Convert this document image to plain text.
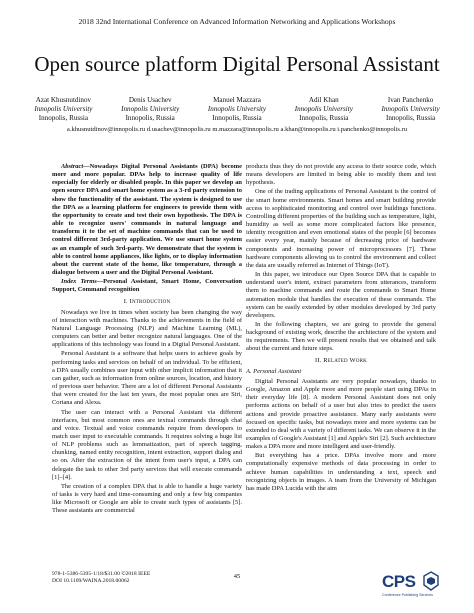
2018 32nd International Conference on Advanced Information Networking and Applications Workshops
Open source platform Digital Personal Assistant
Azat Khusnutdinov
Innopolis University
Innopolis, Russia
Denis Usachev
Innopolis University
Innopolis, Russia
Manuel Mazzara
Innopolis University
Innopolis, Russia
Adil Khan
Innopolis University
Innopolis, Russia
Ivan Panchenko
Innopolis University
Innopolis, Russia
a.khusnutdinov@innopolis.ru d.usachev@innopolis.ru m.mazzara@innopolis.ru a.khan@innopolis.ru i.panchenko@innopolis.ru

Abstract—Nowadays Digital Personal Assistants (DPA) become more and more popular. DPAs help to increase quality of life especially for elderly or disabled people. In this paper we develop an open source DPA and smart home system as a 3-rd party extension to show the functionality of the assistant. The system is designed to use the DPA as a learning platform for engineers to provide them with the opportunity to create and test their own hypothesis. The DPA is able to recognize users' commands in natural language and transform it to the set of machine commands that can be used to control different 3rd-party application. We use smart home system as an example of such 3rd-party. We demonstrate that the system is able to control home appliances, like lights, or to display information about the current state of the home, like temperature, through a dialogue between a user and the Digital Personal Assistant.

Index Terms—Personal Assistant, Smart Home, Conversation Support, Command recognition

I. Introduction

Nowadays we live in times when society has been changing the way of interaction with machines. Thanks to the achievements in the field of Natural Language Processing (NLP) and Machine Learning (ML), computers can better and better recognize natural languages. One of the applications of this technology was found in a Digital Personal Assistant.

Personal Assistant is a software that helps users to achieve goals by performing tasks and services on behalf of an individual. To be efficient, a DPA usually combines user input with other implicit information that it can gather, such as information from online sources, location, and history of previous user behavior. There are a lot of different Personal Assistants that were created for the last ten years, the most popular ones are Siri, Cortana and Alexa.

The user can interact with a Personal Assistant via different interfaces, but most common ones are textual commands through chat and voice. Textual and voice commands require from developers to match user input to executable commands. It requires solving a huge list of NLP problems such as lemmatization, part of speech tagging, chunking, named entity recognition, intent extraction, support dialog and so on. After the extraction of the intent from user's input, a DPA can delegate the task to other 3rd party services that will execute commands [1]–[4].

The creation of a complex DPA that is able to handle a huge variety of tasks is very hard and time-consuming and only a few big companies like Microsoft or Google are able to create such types of assistants [5]. These assistants are commercial

products thus they do not provide any access to their source code, which means developers are limited in being able to modify them and test hypothesis.

One of the trading applications of Personal Assistant is the control of the smart home environments. Smart homes and smart building provide access to sophisticated monitoring and control over buildings functions. Controlling different properties of the building such as temperature, light, humidity as well as some more complicated factors like presence, identity recognition and even emotional states of the people [6] becomes easier every year, mainly because of decreasing price of hardware components and increasing power of microprocessors [7]. These hardware components allowing us to control the environment and collect the data are usually referred as Internet of Things (IoT).

In this paper, we introduce our Open Source DPA that is capable to understand user's intent, extract parameters from utterances, transform them to machine commands and route the commands to Smart Home automation module that handles the execution of these commands. The system can be easily extended by other modules developed by 3rd party developers.

In the following chapters, we are going to provide the general background of existing work, describe the architecture of the system and its requirements. Then we will present results that we obtained and talk about the current and future steps.

II. Related Work
A. Personal Assistant

Digital Personal Assistants are very popular nowadays, thanks to Google, Amazon and Apple more and more people start using DPAs in their everyday life [8]. A modern Personal Assistant does not only performs actions on behalf of a user but also tries to predict the users actions and provide proactive assistance. Many early assistants were focused on specific tasks, but nowadays more and more systems can be extended to deal with a variety of different tasks. We can observe it in the examples of Google's Assistant [1] and Apple's Siri [2]. Such architecture makes a DPA more and more intelligent and user-friendly.

But everything has a price. DPAs involve more and more computationally expensive methods of data processing in order to achieve human capabilities in understanding a text, speech and recognizing objects in images. A team from the University of Michigan has made DPA Lucida with the aim

978-1-5386-5395-1/18/$31.00 ©2018 IEEE
DOI 10.1109/WAINA.2018.00062
45	CPS
Conference Publishing Services
